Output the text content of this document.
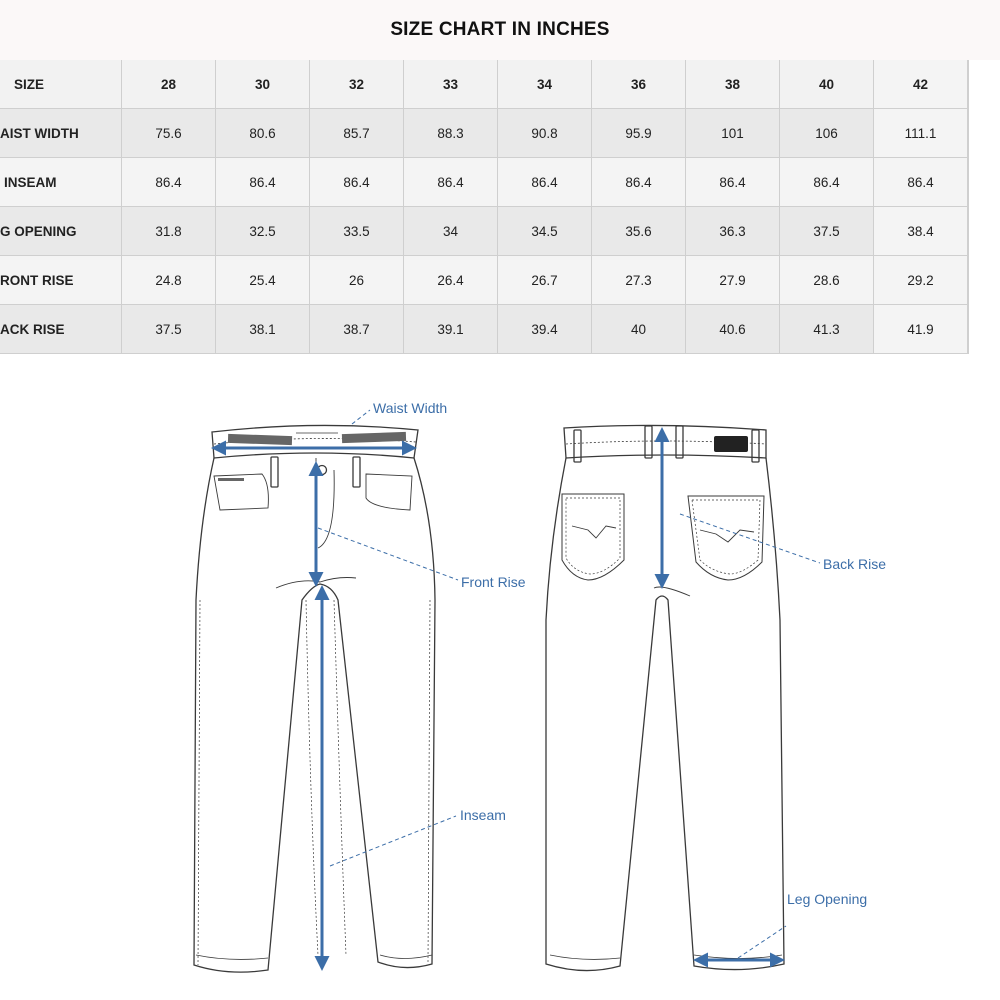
SIZE CHART IN INCHES
SIZE	28	30	32	33	34	36	38	40	42
AIST WIDTH	75.6	80.6	85.7	88.3	90.8	95.9	101	106	111.1
INSEAM	86.4	86.4	86.4	86.4	86.4	86.4	86.4	86.4	86.4
G OPENING	31.8	32.5	33.5	34	34.5	35.6	36.3	37.5	38.4
RONT RISE	24.8	25.4	26	26.4	26.7	27.3	27.9	28.6	29.2
ACK RISE	37.5	38.1	38.7	39.1	39.4	40	40.6	41.3	41.9
Waist Width
Front Rise
Inseam
Back Rise
Leg Opening
